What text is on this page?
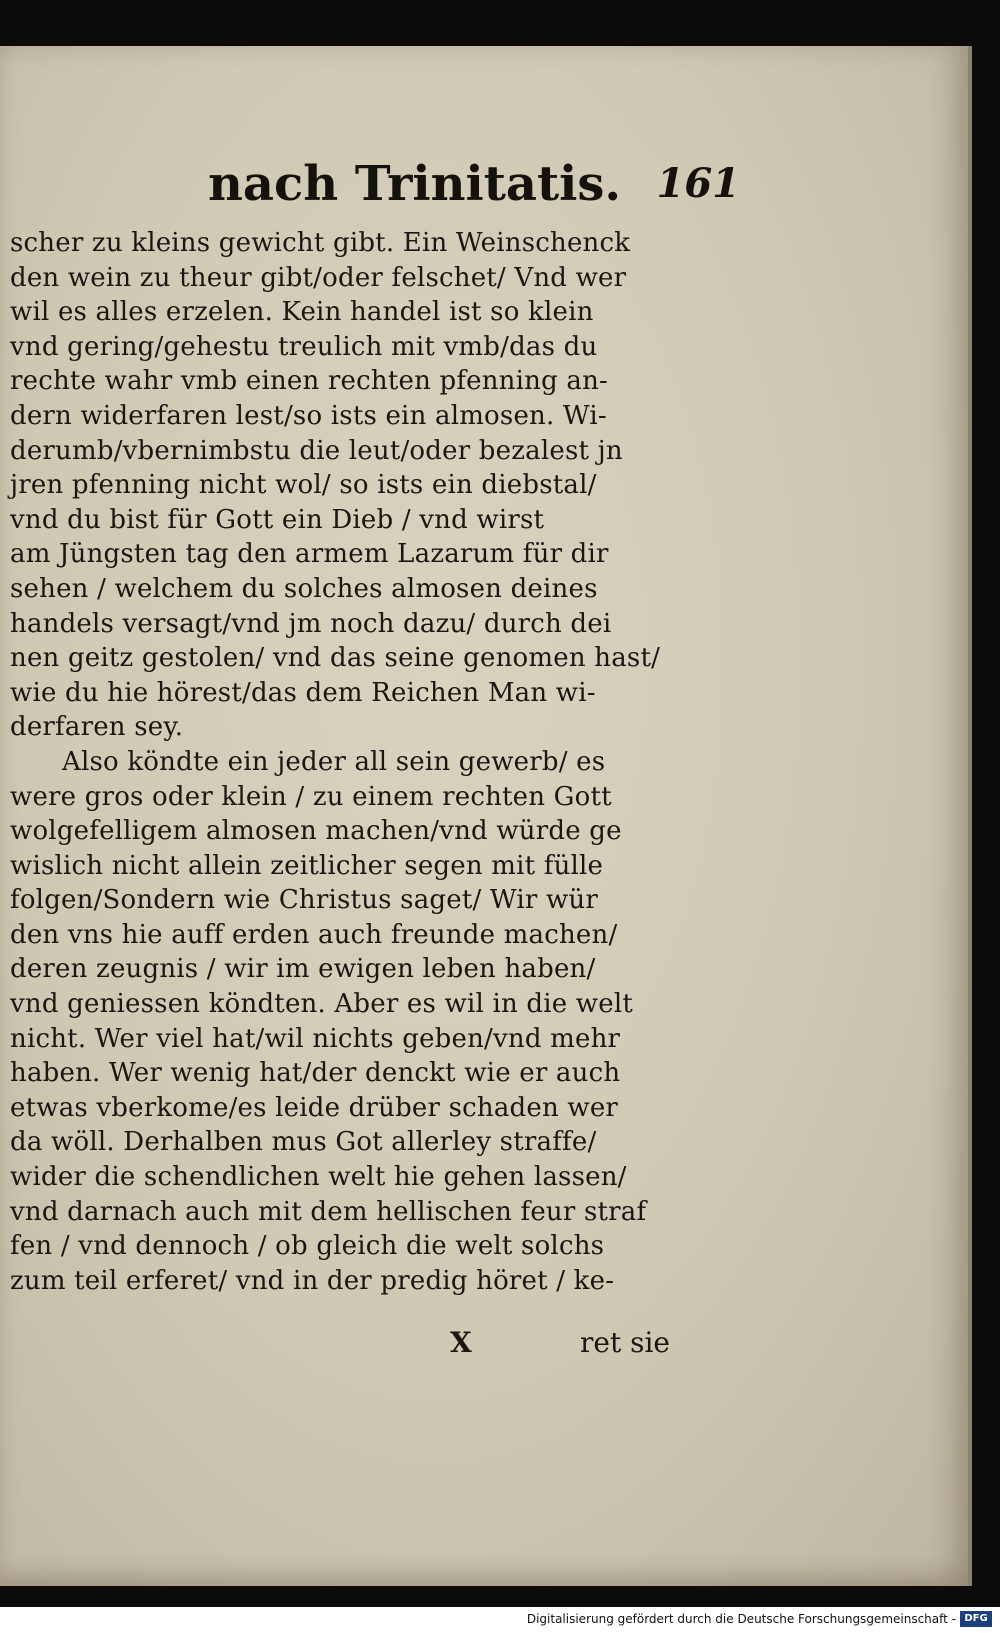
nach Trinitatis. 161
scher zu kleins gewicht gibt. Ein Weinschenck
den wein zu theur gibt/oder felschet/ Vnd wer
wil es alles erzelen. Kein handel ist so klein
vnd gering/gehestu treulich mit vmb/das du
rechte wahr vmb einen rechten pfenning an-
dern widerfaren lest/so ists ein almosen. Wi-
derumb/vbernimbstu die leut/oder bezalest jn
jren pfenning nicht wol/ so ists ein diebstal/
vnd du bist für Gott ein Dieb / vnd wirst
am Jüngsten tag den armem Lazarum für dir
sehen / welchem du solches almosen deines
handels versagt/vnd jm noch dazu/ durch dei
nen geitz gestolen/ vnd das seine genomen hast/
wie du hie hörest/das dem Reichen Man wi-
derfaren sey.
Also köndte ein jeder all sein gewerb/ es
were gros oder klein / zu einem rechten Gott
wolgefelligem almosen machen/vnd würde ge
wislich nicht allein zeitlicher segen mit fülle
folgen/Sondern wie Christus saget/ Wir wür
den vns hie auff erden auch freunde machen/
deren zeugnis / wir im ewigen leben haben/
vnd geniessen köndten. Aber es wil in die welt
nicht. Wer viel hat/wil nichts geben/vnd mehr
haben. Wer wenig hat/der denckt wie er auch
etwas vberkome/es leide drüber schaden wer
da wöll. Derhalben mus Got allerley straffe/
wider die schendlichen welt hie gehen lassen/
vnd darnach auch mit dem hellischen feur straf
fen / vnd dennoch / ob gleich die welt solchs
zum teil erferet/ vnd in der predig höret / ke-
X	ret sie
Digitalisierung gefördert durch die Deutsche Forschungsgemeinschaft - DFG
